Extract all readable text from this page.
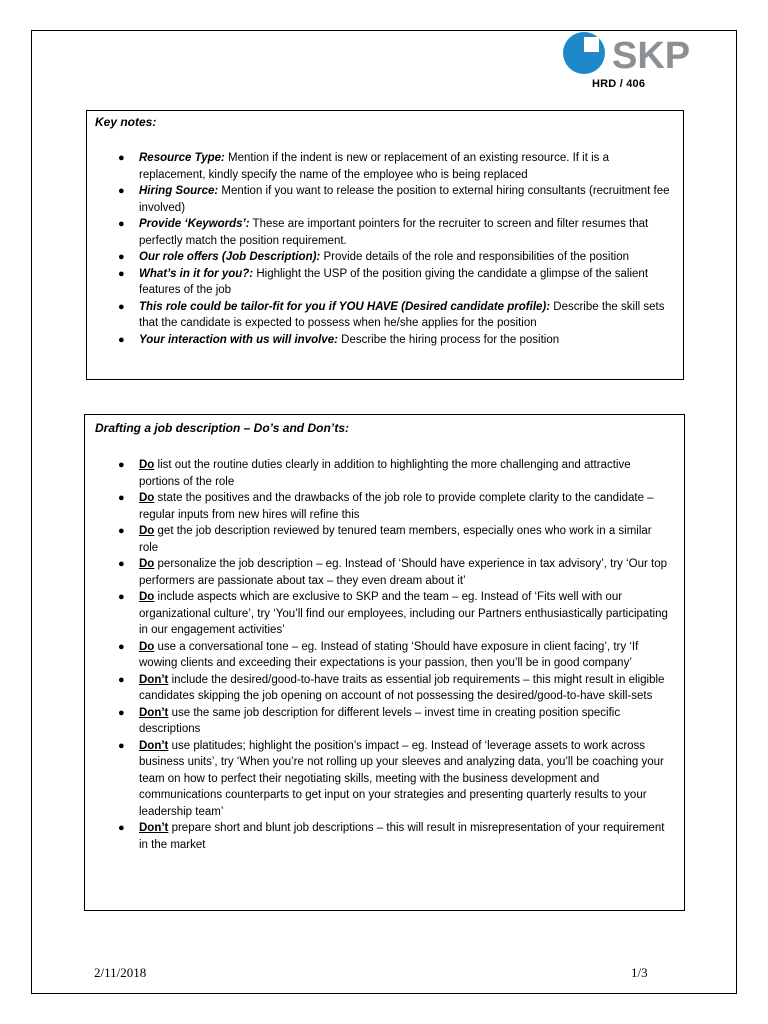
SKP
HRD / 406

Key notes:

● Resource Type: Mention if the indent is new or replacement of an existing resource. If it is a replacement, kindly specify the name of the employee who is being replaced
● Hiring Source: Mention if you want to release the position to external hiring consultants (recruitment fee involved)
● Provide ‘Keywords’: These are important pointers for the recruiter to screen and filter resumes that perfectly match the position requirement.
● Our role offers (Job Description): Provide details of the role and responsibilities of the position
● What’s in it for you?: Highlight the USP of the position giving the candidate a glimpse of the salient features of the job
● This role could be tailor-fit for you if YOU HAVE (Desired candidate profile): Describe the skill sets that the candidate is expected to possess when he/she applies for the position
● Your interaction with us will involve: Describe the hiring process for the position

Drafting a job description – Do’s and Don’ts:

● Do list out the routine duties clearly in addition to highlighting the more challenging and attractive portions of the role
● Do state the positives and the drawbacks of the job role to provide complete clarity to the candidate – regular inputs from new hires will refine this
● Do get the job description reviewed by tenured team members, especially ones who work in a similar role
● Do personalize the job description – eg. Instead of ‘Should have experience in tax advisory’, try ‘Our top performers are passionate about tax – they even dream about it’
● Do include aspects which are exclusive to SKP and the team – eg. Instead of ‘Fits well with our organizational culture’, try ‘You’ll find our employees, including our Partners enthusiastically participating in our engagement activities’
● Do use a conversational tone – eg. Instead of stating ‘Should have exposure in client facing’, try ‘If wowing clients and exceeding their expectations is your passion, then you’ll be in good company’
● Don’t include the desired/good-to-have traits as essential job requirements – this might result in eligible candidates skipping the job opening on account of not possessing the desired/good-to-have skill-sets
● Don’t use the same job description for different levels – invest time in creating position specific descriptions
● Don’t use platitudes; highlight the position’s impact – eg. Instead of ‘leverage assets to work across business units’, try ‘When you’re not rolling up your sleeves and analyzing data, you’ll be coaching your team on how to perfect their negotiating skills, meeting with the business development and communications counterparts to get input on your strategies and presenting quarterly results to your leadership team’
● Don’t prepare short and blunt job descriptions – this will result in misrepresentation of your requirement in the market
2/11/2018	1/3
